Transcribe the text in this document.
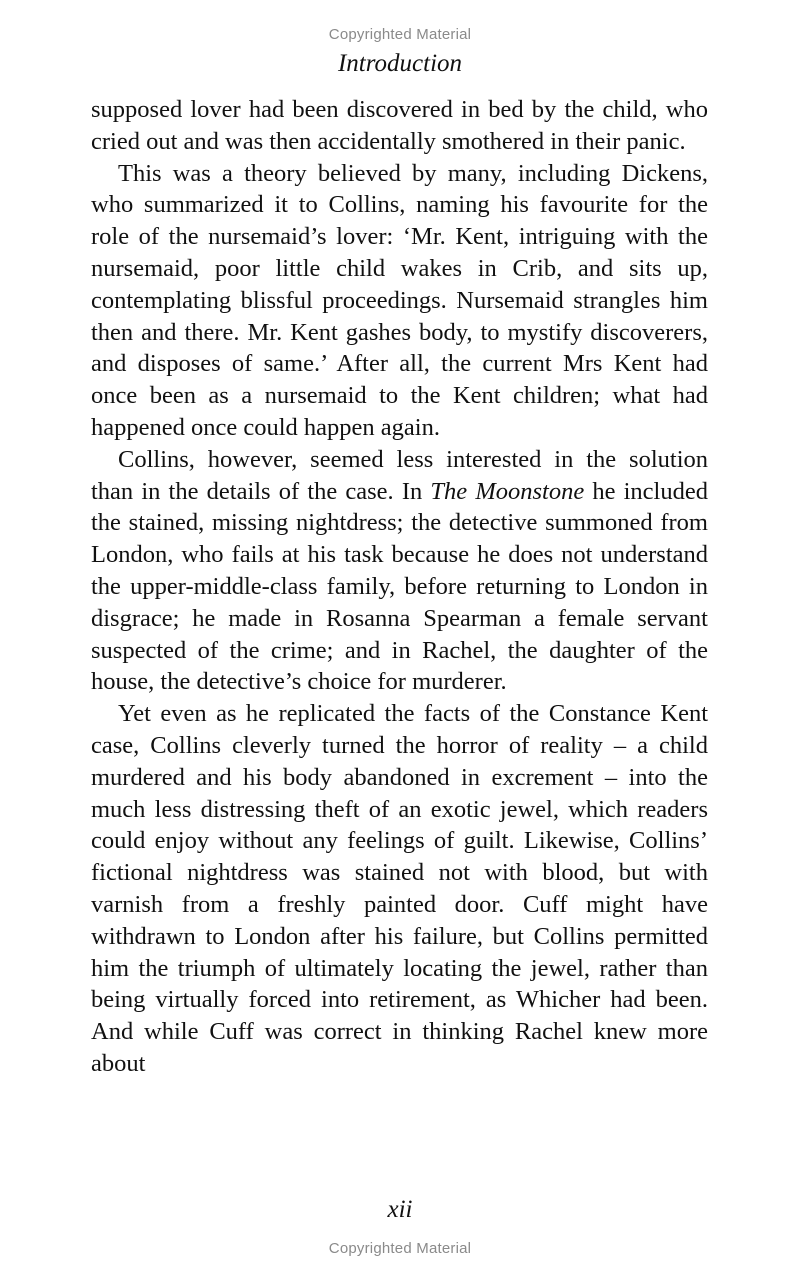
Copyrighted Material
Introduction

supposed lover had been discovered in bed by the child, who cried out and was then accidentally smothered in their panic.

This was a theory believed by many, including Dickens, who summarized it to Collins, naming his favourite for the role of the nursemaid’s lover: ‘Mr. Kent, intriguing with the nursemaid, poor little child wakes in Crib, and sits up, contemplating blissful proceedings. Nursemaid strangles him then and there. Mr. Kent gashes body, to mystify discoverers, and disposes of same.’ After all, the current Mrs Kent had once been as a nursemaid to the Kent children; what had happened once could happen again.

Collins, however, seemed less interested in the solution than in the details of the case. In The Moonstone he included the stained, missing nightdress; the detective summoned from London, who fails at his task because he does not understand the upper-middle-class family, before returning to London in disgrace; he made in Rosanna Spearman a female servant suspected of the crime; and in Rachel, the daughter of the house, the detective’s choice for murderer.

Yet even as he replicated the facts of the Constance Kent case, Collins cleverly turned the horror of reality – a child murdered and his body abandoned in excrement – into the much less distressing theft of an exotic jewel, which readers could enjoy without any feelings of guilt. Likewise, Collins’ fictional nightdress was stained not with blood, but with varnish from a freshly painted door. Cuff might have withdrawn to London after his failure, but Collins permitted him the triumph of ultimately locating the jewel, rather than being virtually forced into retirement, as Whicher had been. And while Cuff was correct in thinking Rachel knew more about

xii
Copyrighted Material
